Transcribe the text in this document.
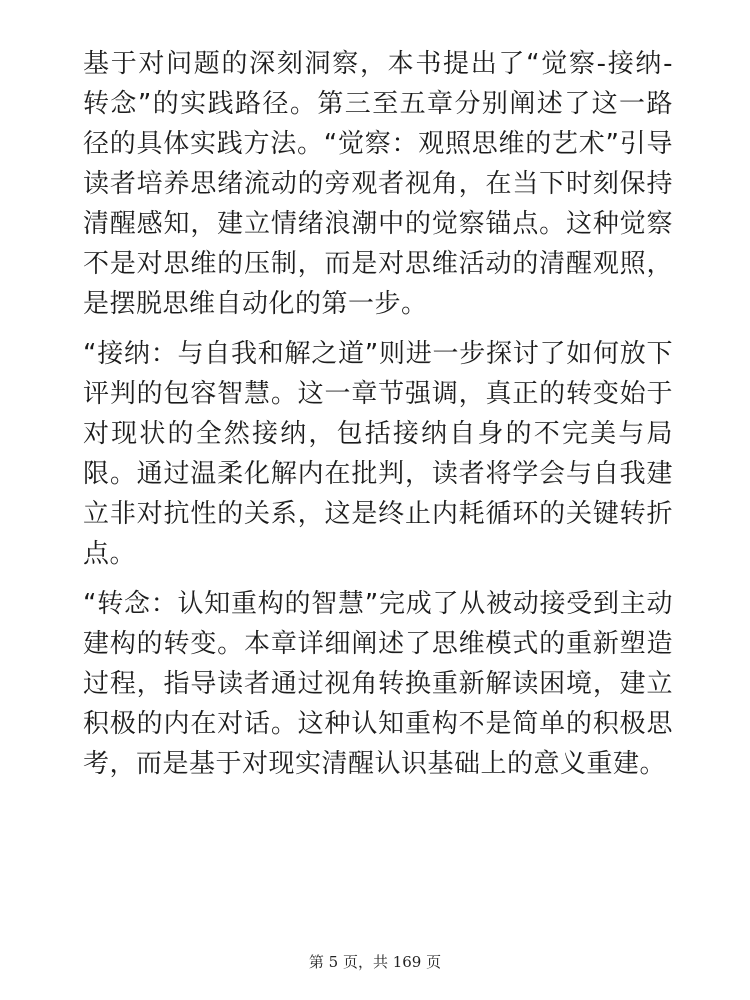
基于对问题的深刻洞察，本书提出了“觉察-接纳-转念”的实践路径。第三至五章分别阐述了这一路径的具体实践方法。“觉察：观照思维的艺术”引导读者培养思绪流动的旁观者视角，在当下时刻保持清醒感知，建立情绪浪潮中的觉察锚点。这种觉察不是对思维的压制，而是对思维活动的清醒观照，是摆脱思维自动化的第一步。

“接纳：与自我和解之道”则进一步探讨了如何放下评判的包容智慧。这一章节强调，真正的转变始于对现状的全然接纳，包括接纳自身的不完美与局限。通过温柔化解内在批判，读者将学会与自我建立非对抗性的关系，这是终止内耗循环的关键转折点。

“转念：认知重构的智慧”完成了从被动接受到主动建构的转变。本章详细阐述了思维模式的重新塑造过程，指导读者通过视角转换重新解读困境，建立积极的内在对话。这种认知重构不是简单的积极思考，而是基于对现实清醒认识基础上的意义重建。

第 5 页，共 169 页
